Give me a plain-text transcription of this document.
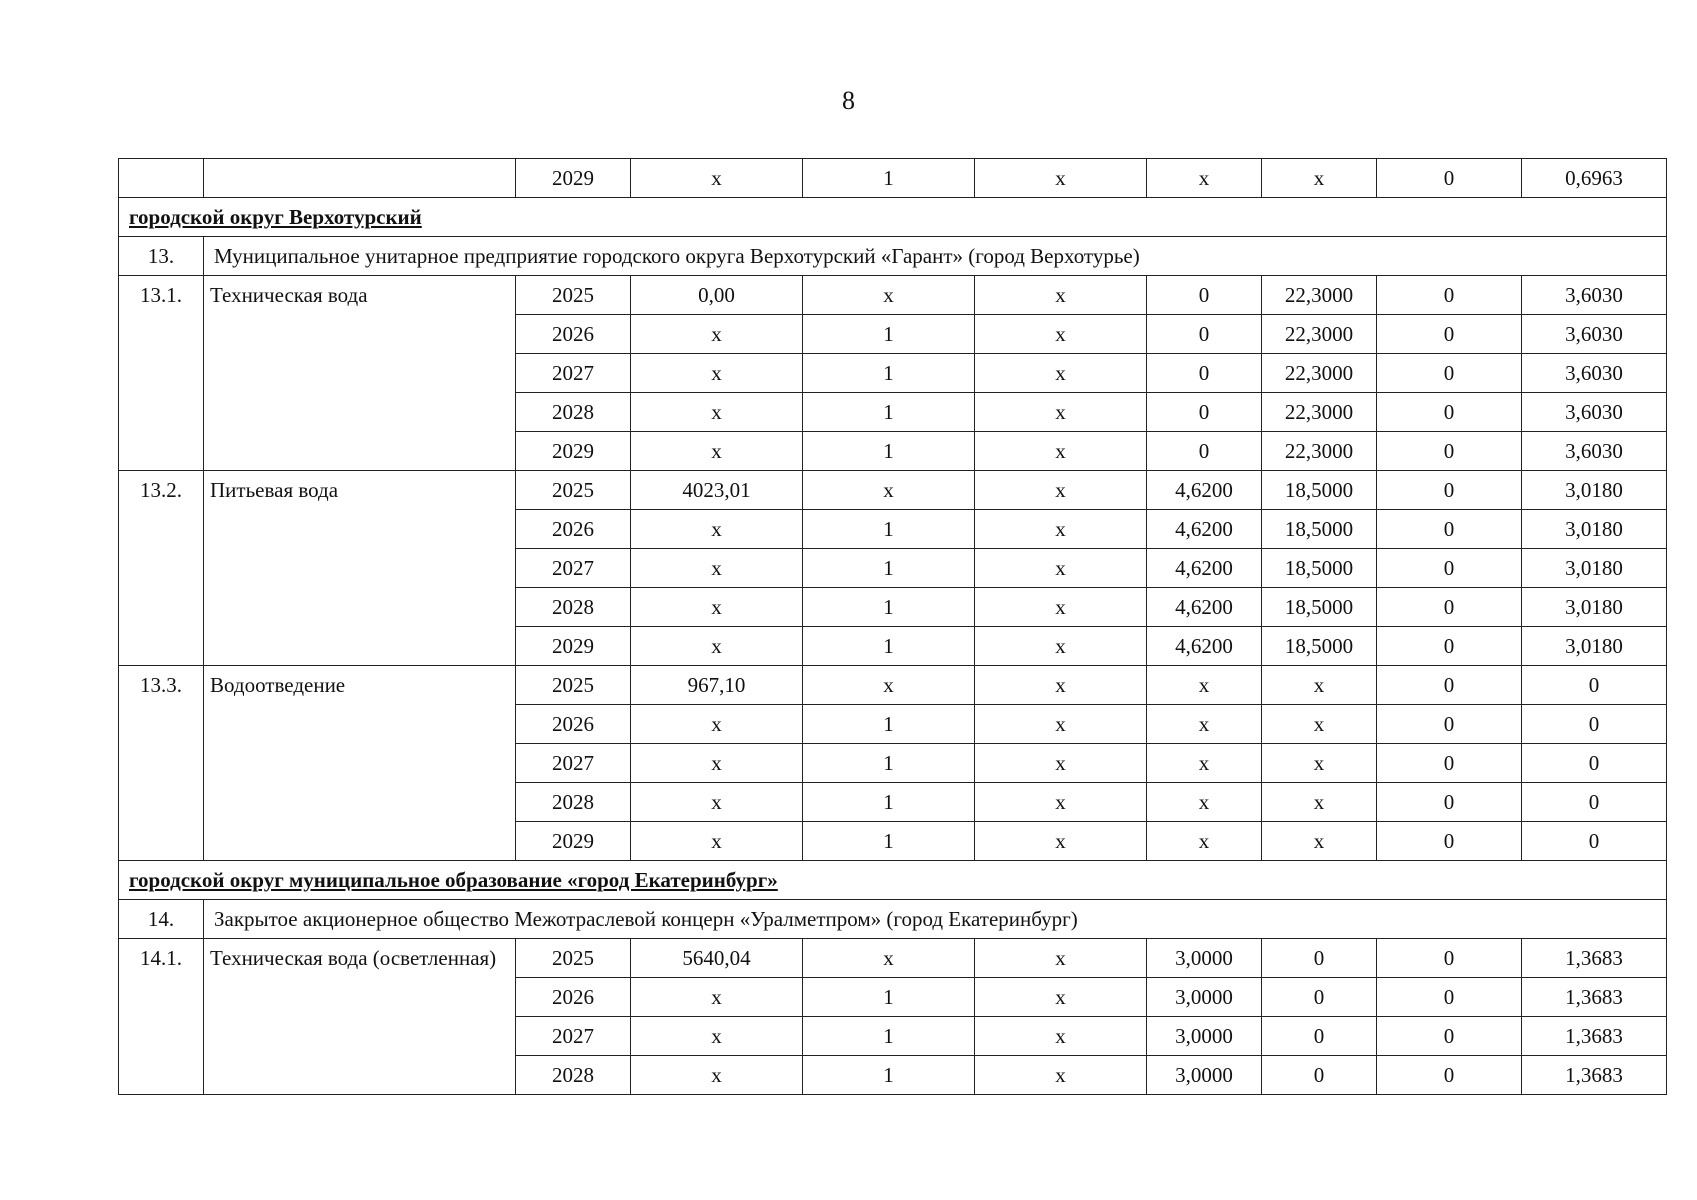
8
		2029	x	1	x	x	x	0	0,6963
городской округ Верхотурский									
13.	Муниципальное унитарное предприятие городского округа Верхотурский «Гарант» (город Верхотурье)								
13.1.	Техническая вода	2025	0,00	x	x	0	22,3000	0	3,6030
		2026	x	1	x	0	22,3000	0	3,6030
		2027	x	1	x	0	22,3000	0	3,6030
		2028	x	1	x	0	22,3000	0	3,6030
		2029	x	1	x	0	22,3000	0	3,6030
13.2.	Питьевая вода	2025	4023,01	x	x	4,6200	18,5000	0	3,0180
		2026	x	1	x	4,6200	18,5000	0	3,0180
		2027	x	1	x	4,6200	18,5000	0	3,0180
		2028	x	1	x	4,6200	18,5000	0	3,0180
		2029	x	1	x	4,6200	18,5000	0	3,0180
13.3.	Водоотведение	2025	967,10	x	x	x	x	0	0
		2026	x	1	x	x	x	0	0
		2027	x	1	x	x	x	0	0
		2028	x	1	x	x	x	0	0
		2029	x	1	x	x	x	0	0
городской округ муниципальное образование «город Екатеринбург»									
14.	Закрытое акционерное общество Межотраслевой концерн «Уралметпром» (город Екатеринбург)								
14.1.	Техническая вода (осветленная)	2025	5640,04	x	x	3,0000	0	0	1,3683
		2026	x	1	x	3,0000	0	0	1,3683
		2027	x	1	x	3,0000	0	0	1,3683
		2028	x	1	x	3,0000	0	0	1,3683
